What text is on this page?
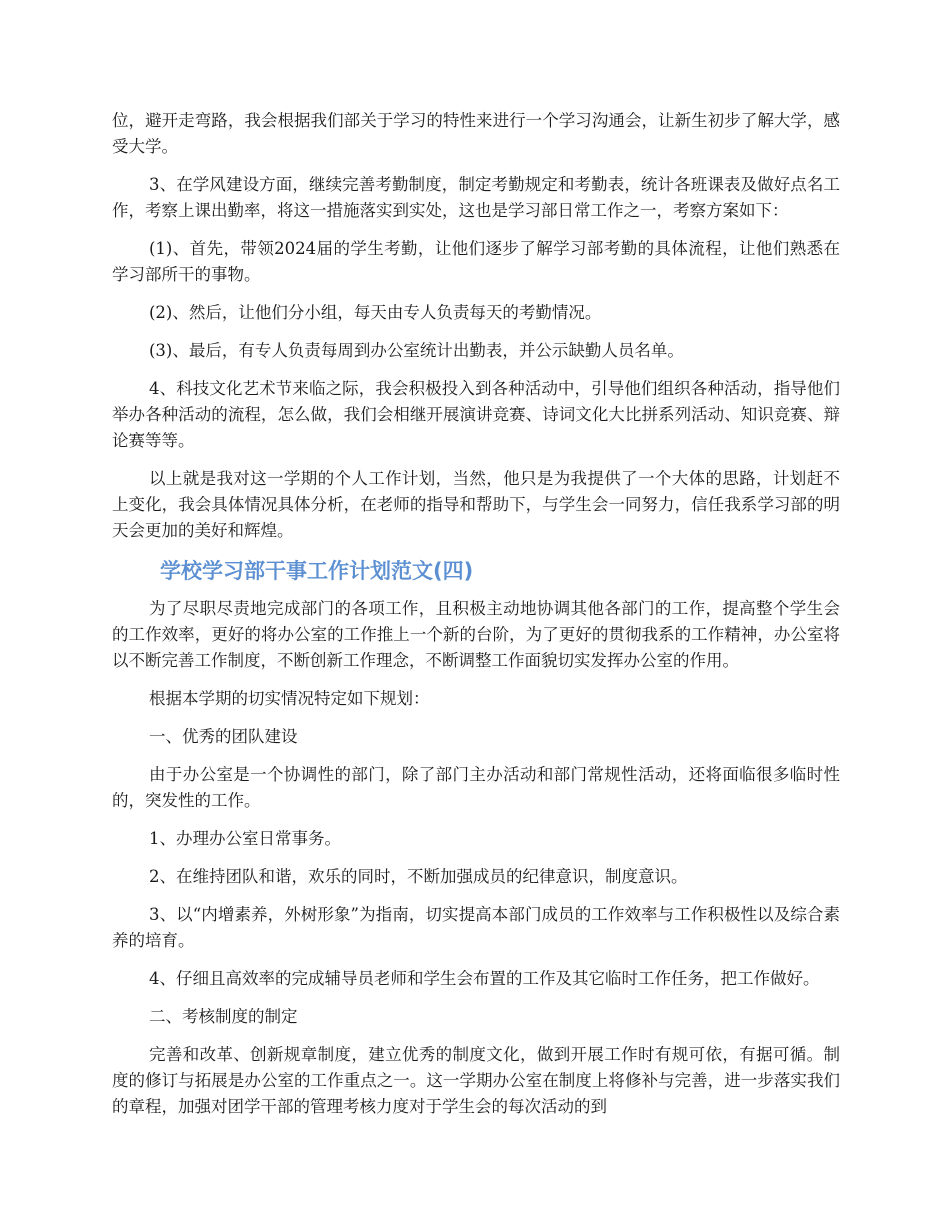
位，避开走弯路，我会根据我们部关于学习的特性来进行一个学习沟通会，让新生初步了解大学，感受大学。

3、在学风建设方面，继续完善考勤制度，制定考勤规定和考勤表，统计各班课表及做好点名工作，考察上课出勤率，将这一措施落实到实处，这也是学习部日常工作之一，考察方案如下：

(1)、首先，带领2024届的学生考勤，让他们逐步了解学习部考勤的具体流程，让他们熟悉在学习部所干的事物。

(2)、然后，让他们分小组，每天由专人负责每天的考勤情况。

(3)、最后，有专人负责每周到办公室统计出勤表，并公示缺勤人员名单。

4、科技文化艺术节来临之际，我会积极投入到各种活动中，引导他们组织各种活动，指导他们举办各种活动的流程，怎么做，我们会相继开展演讲竞赛、诗词文化大比拼系列活动、知识竞赛、辩论赛等等。

以上就是我对这一学期的个人工作计划，当然，他只是为我提供了一个大体的思路，计划赶不上变化，我会具体情况具体分析，在老师的指导和帮助下，与学生会一同努力，信任我系学习部的明天会更加的美好和辉煌。

学校学习部干事工作计划范文(四)

为了尽职尽责地完成部门的各项工作，且积极主动地协调其他各部门的工作，提高整个学生会的工作效率，更好的将办公室的工作推上一个新的台阶，为了更好的贯彻我系的工作精神，办公室将以不断完善工作制度，不断创新工作理念，不断调整工作面貌切实发挥办公室的作用。

根据本学期的切实情况特定如下规划：

一、优秀的团队建设

由于办公室是一个协调性的部门，除了部门主办活动和部门常规性活动，还将面临很多临时性的，突发性的工作。

1、办理办公室日常事务。

2、在维持团队和谐，欢乐的同时，不断加强成员的纪律意识，制度意识。

3、以“内增素养，外树形象”为指南，切实提高本部门成员的工作效率与工作积极性以及综合素养的培育。

4、仔细且高效率的完成辅导员老师和学生会布置的工作及其它临时工作任务，把工作做好。

二、考核制度的制定

完善和改革、创新规章制度，建立优秀的制度文化，做到开展工作时有规可依，有据可循。制度的修订与拓展是办公室的工作重点之一。这一学期办公室在制度上将修补与完善，进一步落实我们的章程，加强对团学干部的管理考核力度对于学生会的每次活动的到
